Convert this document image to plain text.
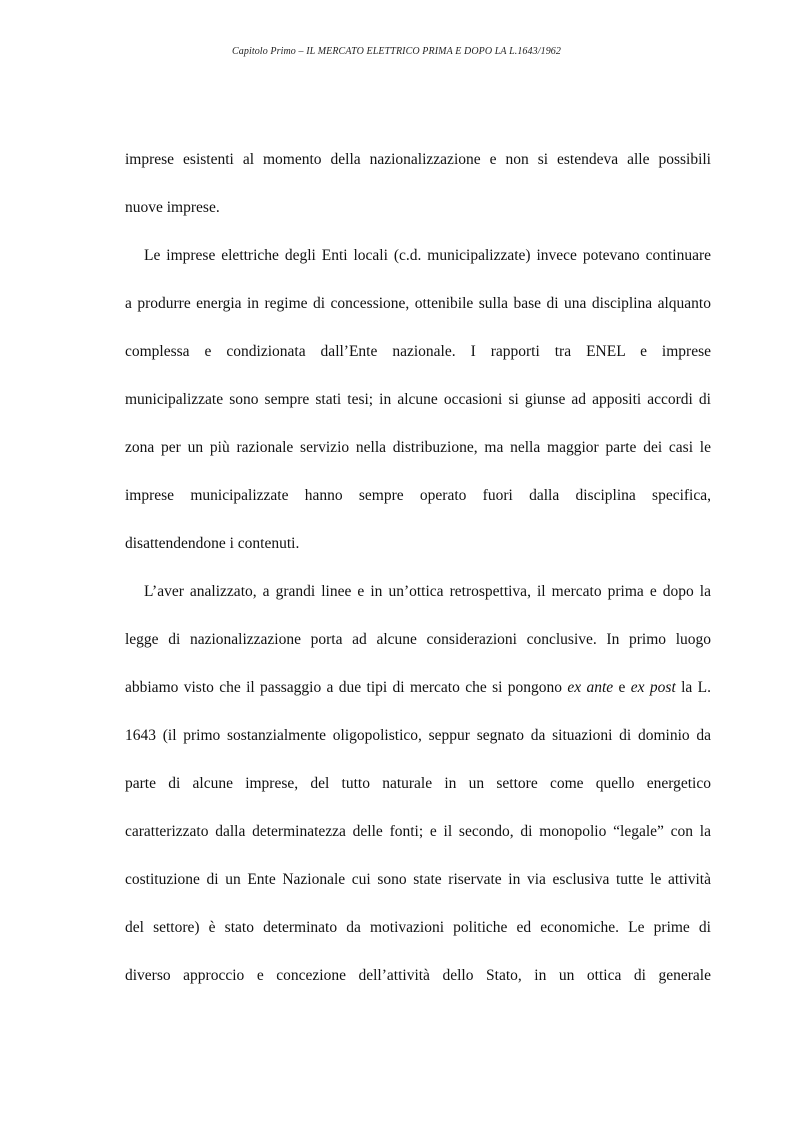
Capitolo Primo – IL MERCATO ELETTRICO PRIMA E DOPO LA L.1643/1962
imprese esistenti al momento della nazionalizzazione e non si estendeva alle possibili
nuove imprese.
Le imprese elettriche degli Enti locali (c.d. municipalizzate) invece potevano continuare
a produrre energia in regime di concessione, ottenibile sulla base di una disciplina alquanto
complessa e condizionata dall’Ente nazionale. I rapporti tra ENEL e imprese
municipalizzate sono sempre stati tesi; in alcune occasioni si giunse ad appositi accordi di
zona per un più razionale servizio nella distribuzione, ma nella maggior parte dei casi le
imprese municipalizzate hanno sempre operato fuori dalla disciplina specifica,
disattendendone i contenuti.
L’aver analizzato, a grandi linee e in un’ottica retrospettiva, il mercato prima e dopo la
legge di nazionalizzazione porta ad alcune considerazioni conclusive. In primo luogo
abbiamo visto che il passaggio a due tipi di mercato che si pongono ex ante e ex post la L.
1643 (il primo sostanzialmente oligopolistico, seppur segnato da situazioni di dominio da
parte di alcune imprese, del tutto naturale in un settore come quello energetico
caratterizzato dalla determinatezza delle fonti; e il secondo, di monopolio “legale” con la
costituzione di un Ente Nazionale cui sono state riservate in via esclusiva tutte le attività
del settore) è stato determinato da motivazioni politiche ed economiche. Le prime di
diverso approccio e concezione dell’attività dello Stato, in un ottica di generale
